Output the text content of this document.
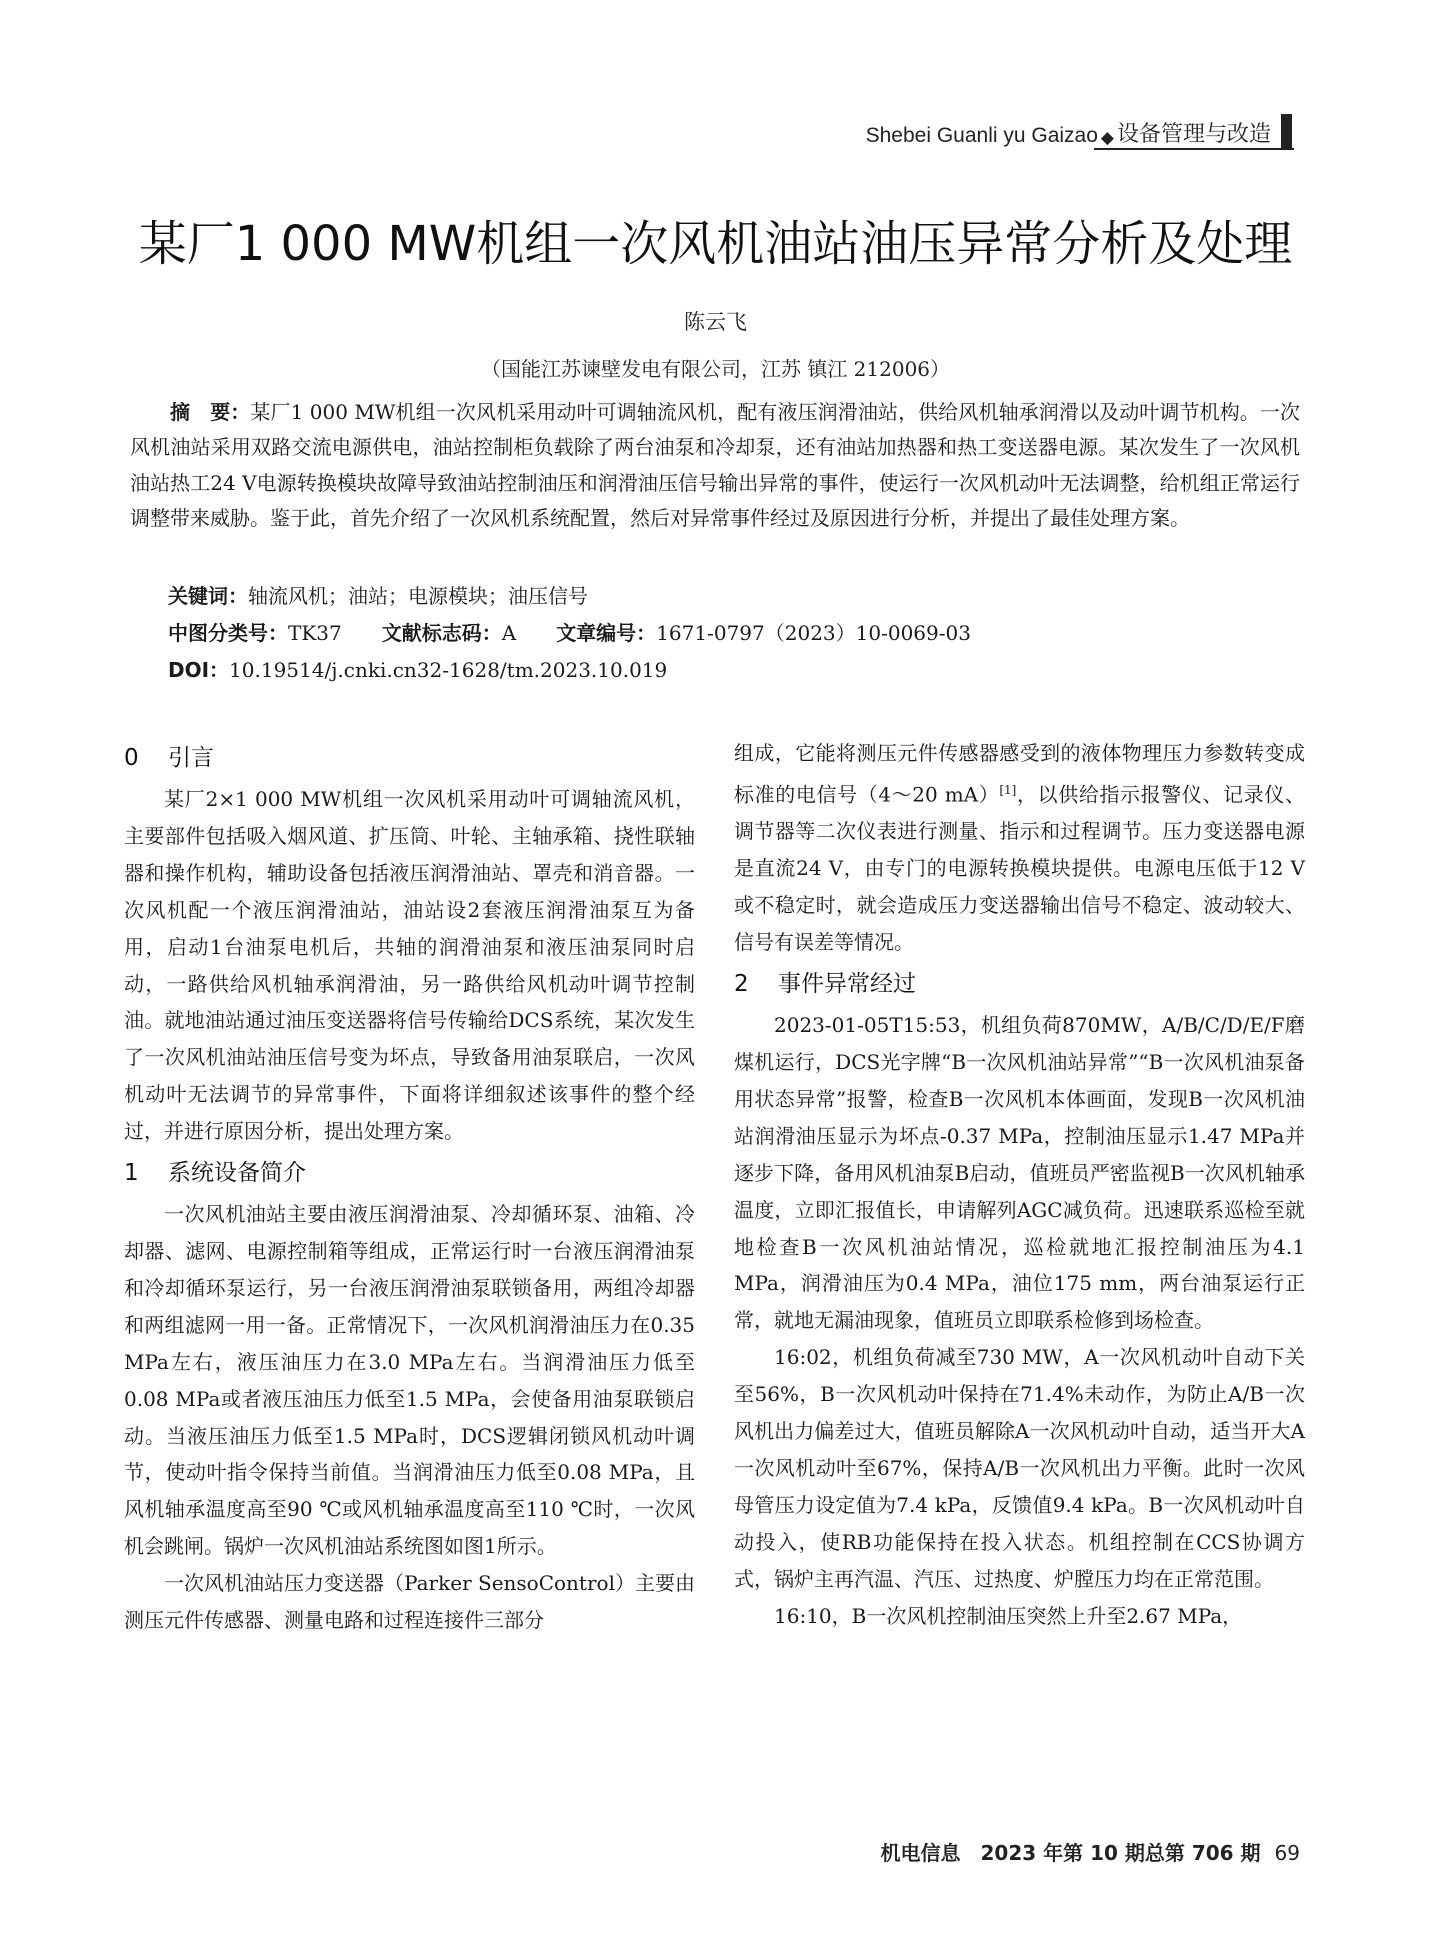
Shebei Guanli yu Gaizao ◆ 设备管理与改造
某厂1 000 MW机组一次风机油站油压异常分析及处理
陈云飞
（国能江苏谏壁发电有限公司，江苏 镇江 212006）
摘　要：某厂1 000 MW机组一次风机采用动叶可调轴流风机，配有液压润滑油站，供给风机轴承润滑以及动叶调节机构。一次风机油站采用双路交流电源供电，油站控制柜负载除了两台油泵和冷却泵，还有油站加热器和热工变送器电源。某次发生了一次风机油站热工24 V电源转换模块故障导致油站控制油压和润滑油压信号输出异常的事件，使运行一次风机动叶无法调整，给机组正常运行调整带来威胁。鉴于此，首先介绍了一次风机系统配置，然后对异常事件经过及原因进行分析，并提出了最佳处理方案。
关键词：轴流风机；油站；电源模块；油压信号
中图分类号：TK37 文献标志码：A 文章编号：1671-0797（2023）10-0069-03
DOI：10.19514/j.cnki.cn32-1628/tm.2023.10.019
0 引言

某厂2×1 000 MW机组一次风机采用动叶可调轴流风机，主要部件包括吸入烟风道、扩压筒、叶轮、主轴承箱、挠性联轴器和操作机构，辅助设备包括液压润滑油站、罩壳和消音器。一次风机配一个液压润滑油站，油站设2套液压润滑油泵互为备用，启动1台油泵电机后，共轴的润滑油泵和液压油泵同时启动，一路供给风机轴承润滑油，另一路供给风机动叶调节控制油。就地油站通过油压变送器将信号传输给DCS系统，某次发生了一次风机油站油压信号变为坏点，导致备用油泵联启，一次风机动叶无法调节的异常事件，下面将详细叙述该事件的整个经过，并进行原因分析，提出处理方案。

1 系统设备简介

一次风机油站主要由液压润滑油泵、冷却循环泵、油箱、冷却器、滤网、电源控制箱等组成，正常运行时一台液压润滑油泵和冷却循环泵运行，另一台液压润滑油泵联锁备用，两组冷却器和两组滤网一用一备。正常情况下，一次风机润滑油压力在0.35 MPa左右，液压油压力在3.0 MPa左右。当润滑油压力低至0.08 MPa或者液压油压力低至1.5 MPa，会使备用油泵联锁启动。当液压油压力低至1.5 MPa时，DCS逻辑闭锁风机动叶调节，使动叶指令保持当前值。当润滑油压力低至0.08 MPa，且风机轴承温度高至90 ℃或风机轴承温度高至110 ℃时，一次风机会跳闸。锅炉一次风机油站系统图如图1所示。

一次风机油站压力变送器（Parker SensoControl）主要由测压元件传感器、测量电路和过程连接件三部分

组成，它能将测压元件传感器感受到的液体物理压力参数转变成标准的电信号（4～20 mA）[1]，以供给指示报警仪、记录仪、调节器等二次仪表进行测量、指示和过程调节。压力变送器电源是直流24 V，由专门的电源转换模块提供。电源电压低于12 V或不稳定时，就会造成压力变送器输出信号不稳定、波动较大、信号有误差等情况。

2 事件异常经过

2023-01-05T15:53，机组负荷870MW，A/B/C/D/E/F磨煤机运行，DCS光字牌“B一次风机油站异常”“B一次风机油泵备用状态异常”报警，检查B一次风机本体画面，发现B一次风机油站润滑油压显示为坏点-0.37 MPa，控制油压显示1.47 MPa并逐步下降，备用风机油泵B启动，值班员严密监视B一次风机轴承温度，立即汇报值长，申请解列AGC减负荷。迅速联系巡检至就地检查B一次风机油站情况，巡检就地汇报控制油压为4.1 MPa，润滑油压为0.4 MPa，油位175 mm，两台油泵运行正常，就地无漏油现象，值班员立即联系检修到场检查。

16:02，机组负荷减至730 MW，A一次风机动叶自动下关至56%，B一次风机动叶保持在71.4%未动作，为防止A/B一次风机出力偏差过大，值班员解除A一次风机动叶自动，适当开大A一次风机动叶至67%，保持A/B一次风机出力平衡。此时一次风母管压力设定值为7.4 kPa，反馈值9.4 kPa。B一次风机动叶自动投入，使RB功能保持在投入状态。机组控制在CCS协调方式，锅炉主再汽温、汽压、过热度、炉膛压力均在正常范围。

16:10，B一次风机控制油压突然上升至2.67 MPa，

机电信息　2023 年第 10 期总第 706 期 69
